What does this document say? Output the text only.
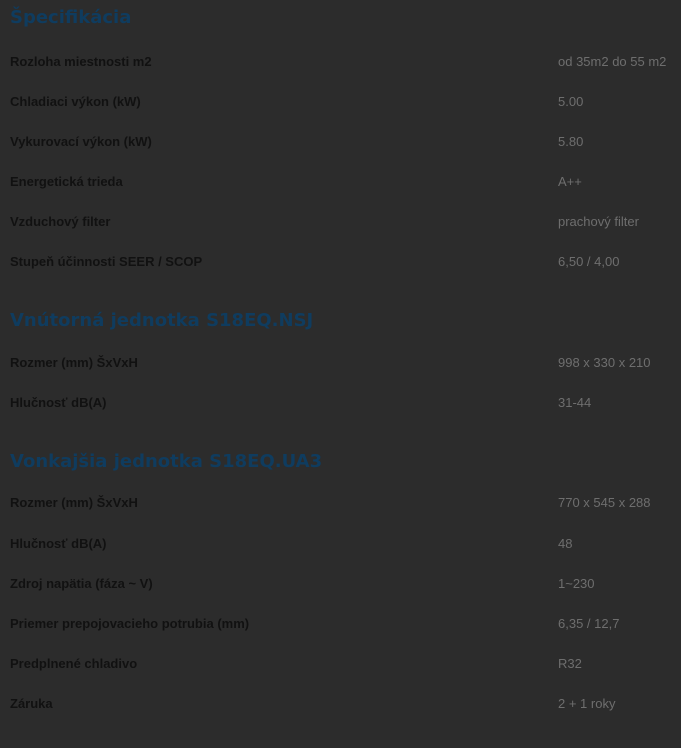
Špecifikácia
Rozloha miestnosti m2	od 35m2 do 55 m2
Chladiaci výkon (kW)	5.00
Vykurovací výkon (kW)	5.80
Energetická trieda	A++
Vzduchový filter	prachový filter
Stupeň účinnosti SEER / SCOP	6,50 / 4,00
Vnútorná jednotka S18EQ.NSJ
Rozmer (mm) ŠxVxH	998 x 330 x 210
Hlučnosť dB(A)	31-44
Vonkajšia jednotka S18EQ.UA3
Rozmer (mm) ŠxVxH	770 x 545 x 288
Hlučnosť dB(A)	48
Zdroj napätia (fáza ~ V)	1~230
Priemer prepojovacieho potrubia (mm)	6,35 / 12,7
Predplnené chladivo	R32
Záruka	2 + 1 roky
